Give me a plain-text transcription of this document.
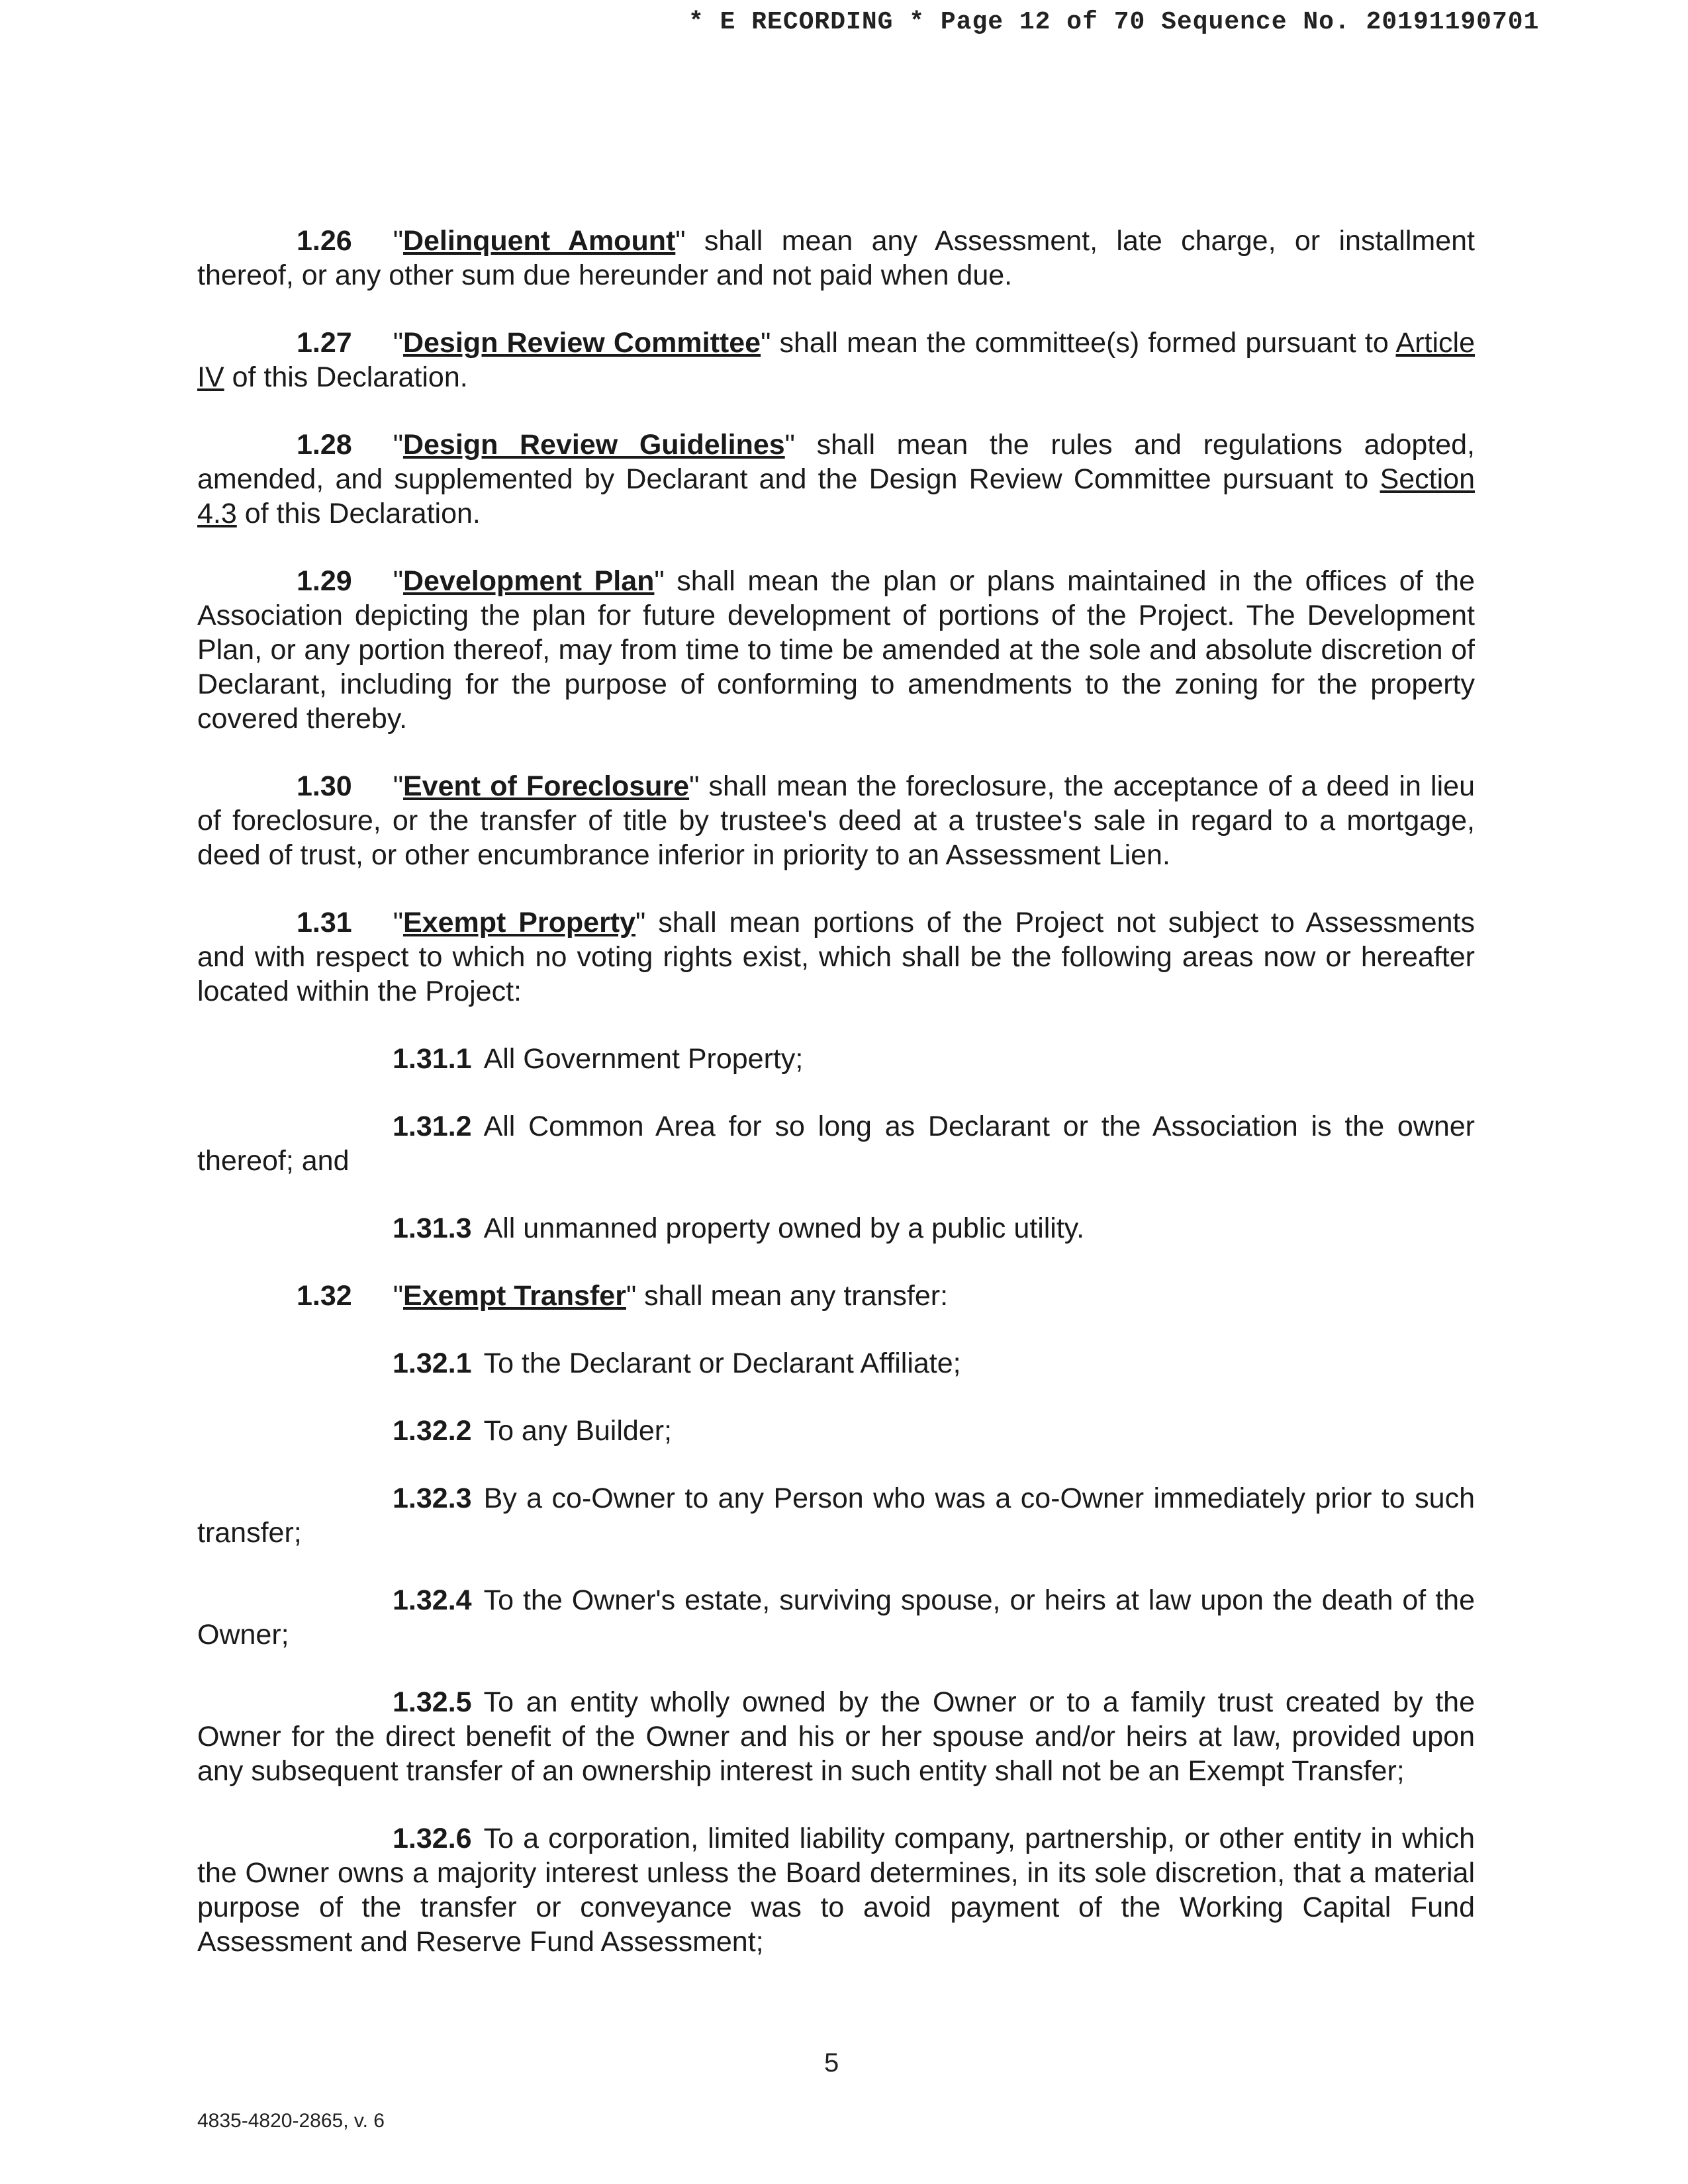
* E RECORDING * Page 12 of 70 Sequence No. 20191190701

1.26 "Delinquent Amount" shall mean any Assessment, late charge, or installment thereof, or any other sum due hereunder and not paid when due.

1.27 "Design Review Committee" shall mean the committee(s) formed pursuant to Article IV of this Declaration.

1.28 "Design Review Guidelines" shall mean the rules and regulations adopted, amended, and supplemented by Declarant and the Design Review Committee pursuant to Section 4.3 of this Declaration.

1.29 "Development Plan" shall mean the plan or plans maintained in the offices of the Association depicting the plan for future development of portions of the Project. The Development Plan, or any portion thereof, may from time to time be amended at the sole and absolute discretion of Declarant, including for the purpose of conforming to amendments to the zoning for the property covered thereby.

1.30 "Event of Foreclosure" shall mean the foreclosure, the acceptance of a deed in lieu of foreclosure, or the transfer of title by trustee's deed at a trustee's sale in regard to a mortgage, deed of trust, or other encumbrance inferior in priority to an Assessment Lien.

1.31 "Exempt Property" shall mean portions of the Project not subject to Assessments and with respect to which no voting rights exist, which shall be the following areas now or hereafter located within the Project:

1.31.1 All Government Property;

1.31.2 All Common Area for so long as Declarant or the Association is the owner thereof; and

1.31.3 All unmanned property owned by a public utility.

1.32 "Exempt Transfer" shall mean any transfer:

1.32.1 To the Declarant or Declarant Affiliate;

1.32.2 To any Builder;

1.32.3 By a co-Owner to any Person who was a co-Owner immediately prior to such transfer;

1.32.4 To the Owner's estate, surviving spouse, or heirs at law upon the death of the Owner;

1.32.5 To an entity wholly owned by the Owner or to a family trust created by the Owner for the direct benefit of the Owner and his or her spouse and/or heirs at law, provided upon any subsequent transfer of an ownership interest in such entity shall not be an Exempt Transfer;

1.32.6 To a corporation, limited liability company, partnership, or other entity in which the Owner owns a majority interest unless the Board determines, in its sole discretion, that a material purpose of the transfer or conveyance was to avoid payment of the Working Capital Fund Assessment and Reserve Fund Assessment;

5
4835-4820-2865, v. 6
